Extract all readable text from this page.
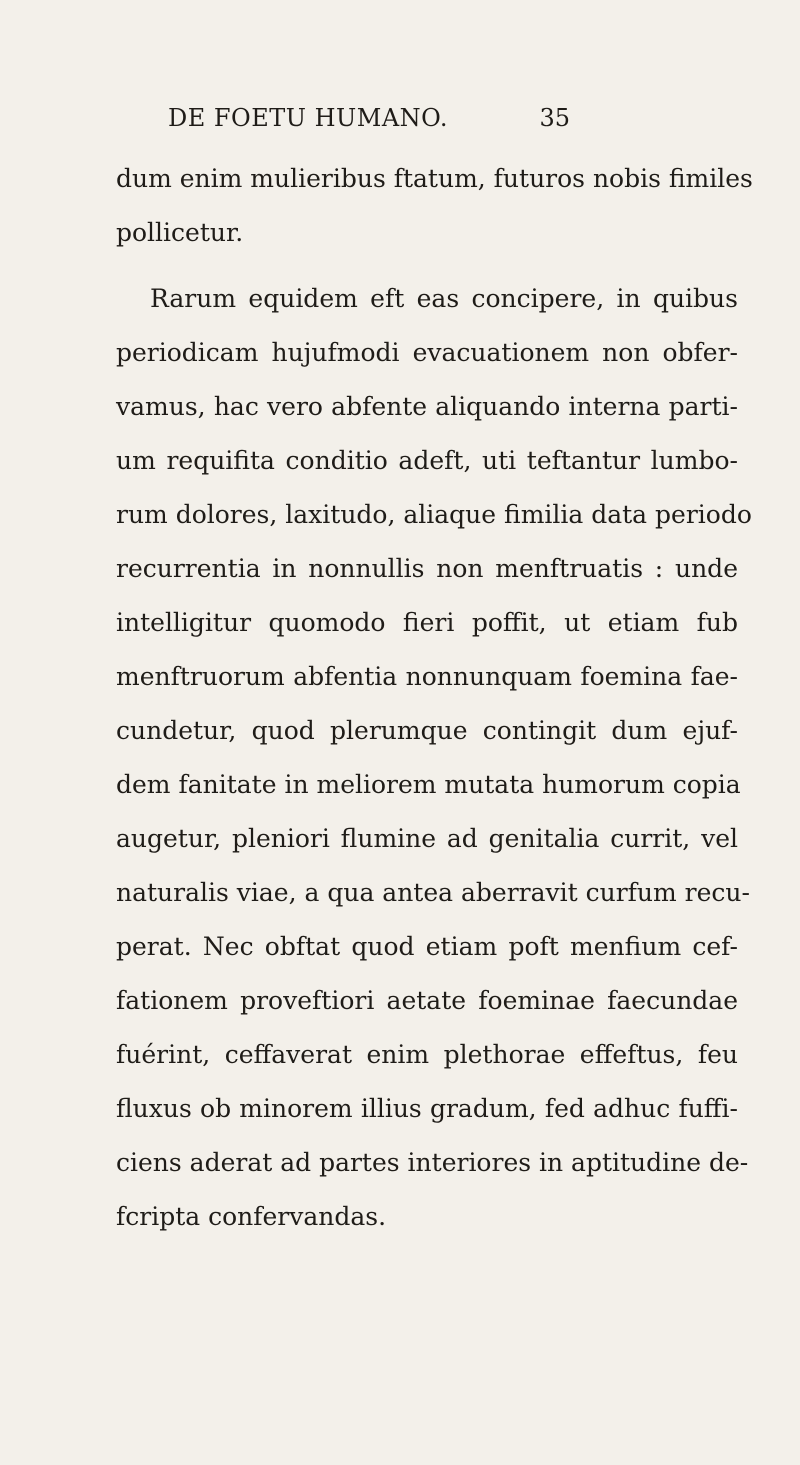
DE FOETU HUMANO.	35
dum enim mulieribus ftatum, futuros nobis fimiles
pollicetur.
Rarum equidem eft eas concipere, in quibus
periodicam hujufmodi evacuationem non obfer-
vamus, hac vero abfente aliquando interna parti-
um requifita conditio adeft, uti teftantur lumbo-
rum dolores, laxitudo, aliaque fimilia data periodo
recurrentia in nonnullis non menftruatis : unde
intelligitur quomodo fieri poffit, ut etiam fub
menftruorum abfentia nonnunquam foemina fae-
cundetur, quod plerumque contingit dum ejuf-
dem fanitate in meliorem mutata humorum copia
augetur, pleniori flumine ad genitalia currit, vel
naturalis viae, a qua antea aberravit curfum recu-
perat. Nec obftat quod etiam poft menfium cef-
fationem proveftiori aetate foeminae faecundae
fuérint, ceffaverat enim plethorae effeftus, feu
fluxus ob minorem illius gradum, fed adhuc fuffi-
ciens aderat ad partes interiores in aptitudine de-
fcripta confervandas.
